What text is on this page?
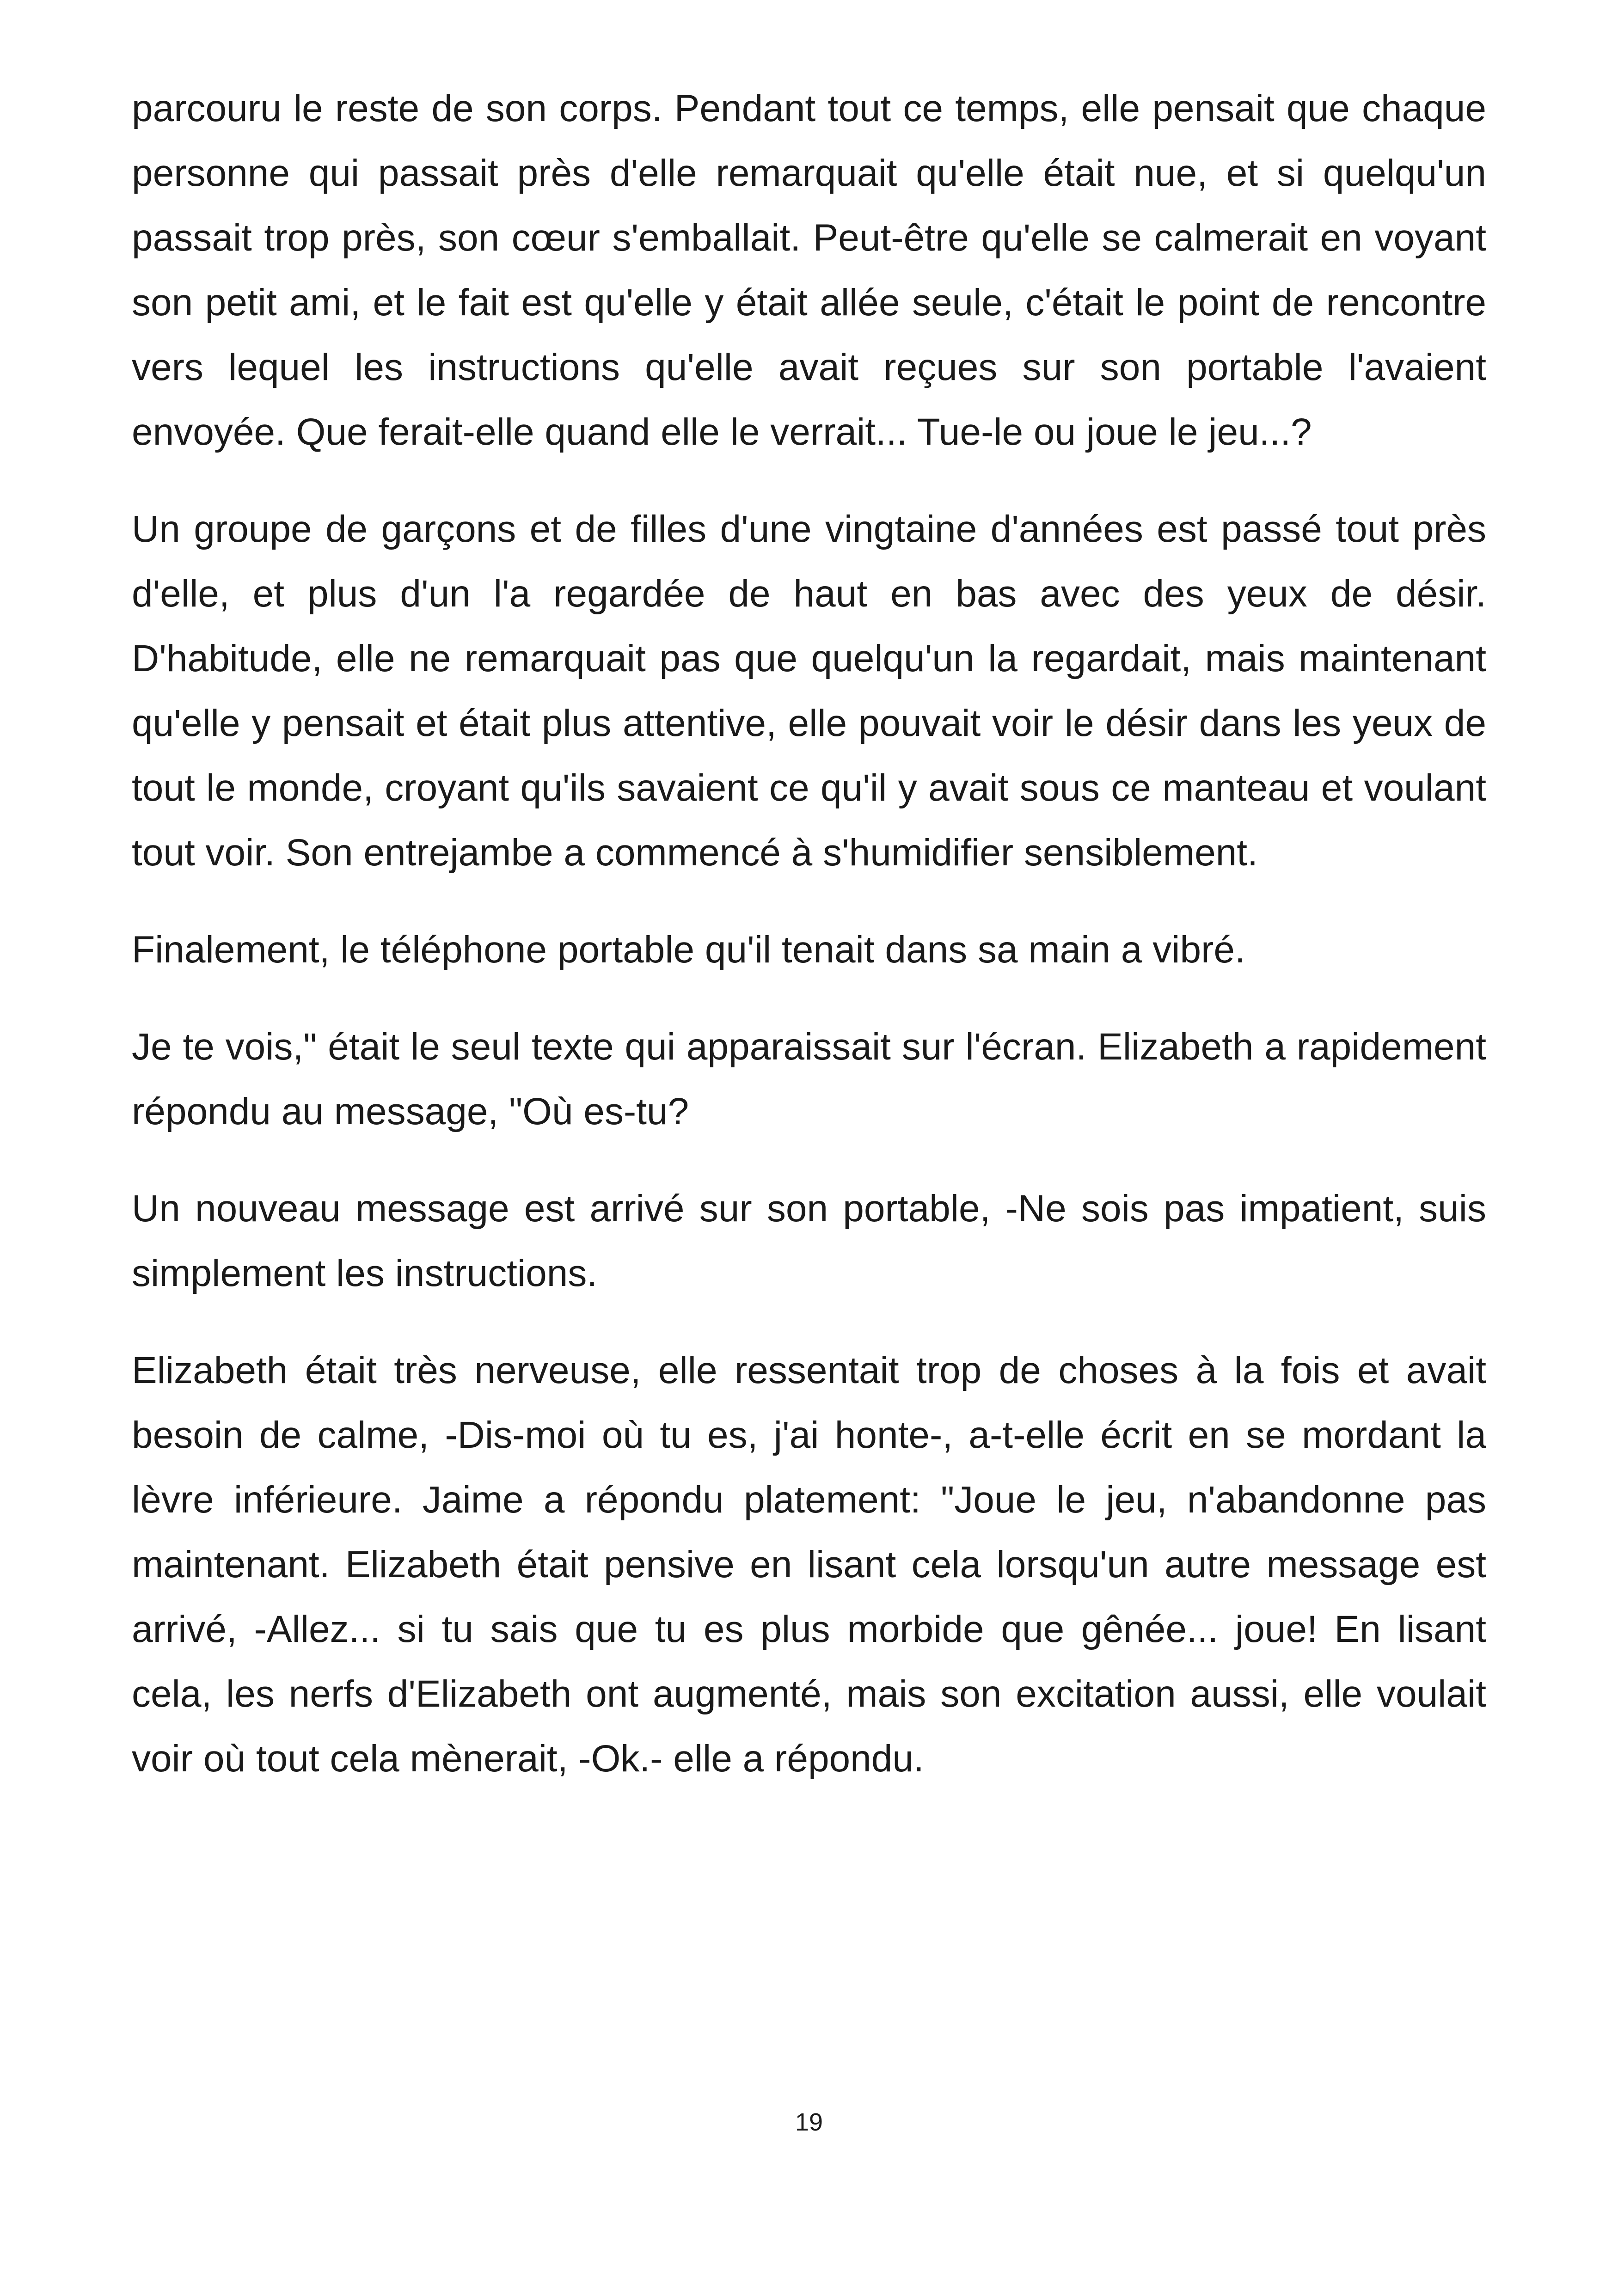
parcouru le reste de son corps. Pendant tout ce temps, elle pensait que chaque personne qui passait près d'elle remarquait qu'elle était nue, et si quelqu'un passait trop près, son cœur s'emballait. Peut-être qu'elle se calmerait en voyant son petit ami, et le fait est qu'elle y était allée seule, c'était le point de rencontre vers lequel les instructions qu'elle avait reçues sur son portable l'avaient envoyée. Que ferait-elle quand elle le verrait... Tue-le ou joue le jeu...?

Un groupe de garçons et de filles d'une vingtaine d'années est passé tout près d'elle, et plus d'un l'a regardée de haut en bas avec des yeux de désir. D'habitude, elle ne remarquait pas que quelqu'un la regardait, mais maintenant qu'elle y pensait et était plus attentive, elle pouvait voir le désir dans les yeux de tout le monde, croyant qu'ils savaient ce qu'il y avait sous ce manteau et voulant tout voir. Son entrejambe a commencé à s'humidifier sensiblement.

Finalement, le téléphone portable qu'il tenait dans sa main a vibré.

Je te vois," était le seul texte qui apparaissait sur l'écran. Elizabeth a rapidement répondu au message, "Où es-tu?

Un nouveau message est arrivé sur son portable, -Ne sois pas impatient, suis simplement les instructions.

Elizabeth était très nerveuse, elle ressentait trop de choses à la fois et avait besoin de calme, -Dis-moi où tu es, j'ai honte-, a-t-elle écrit en se mordant la lèvre inférieure. Jaime a répondu platement: "Joue le jeu, n'abandonne pas maintenant. Elizabeth était pensive en lisant cela lorsqu'un autre message est arrivé, -Allez... si tu sais que tu es plus morbide que gênée... joue! En lisant cela, les nerfs d'Elizabeth ont augmenté, mais son excitation aussi, elle voulait voir où tout cela mènerait, -Ok.- elle a répondu.

19
